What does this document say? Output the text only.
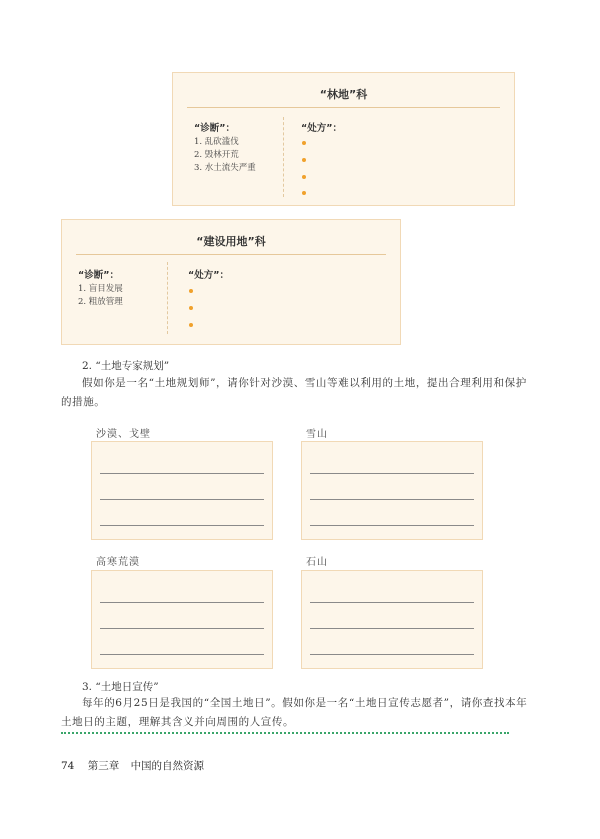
“林地”科
“诊断”：
1. 乱砍滥伐
2. 毁林开荒
3. 水土流失严重
“处方”：
“建设用地”科
“诊断”：
1. 盲目发展
2. 粗放管理
“处方”：
2. “土地专家规划”
假如你是一名“土地规划师”，请你针对沙漠、雪山等难以利用的土地，提出合理利用和保护的措施。
沙漠、戈壁	雪山
高寒荒漠	石山
3. “土地日宣传”
每年的6月25日是我国的“全国土地日”。假如你是一名“土地日宣传志愿者”，请你查找本年土地日的主题，理解其含义并向周围的人宣传。
74 第三章 中国的自然资源
